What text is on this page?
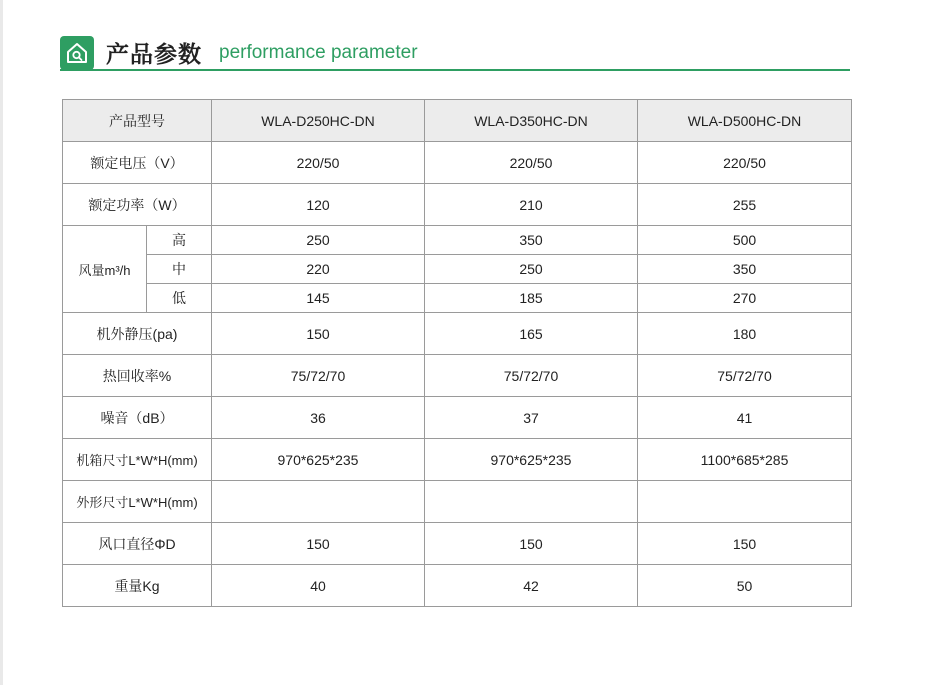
产品参数 performance parameter
产品型号		WLA-D250HC-DN	WLA-D350HC-DN	WLA-D500HC-DN
额定电压（V）		220/50	220/50	220/50
额定功率（W）		120	210	255
风量m³/h	高	250	350	500
	中	220	250	350
	低	145	185	270
机外静压(pa)		150	165	180
热回收率%		75/72/70	75/72/70	75/72/70
噪音（dB）		36	37	41
机箱尺寸L*W*H(mm)		970*625*235	970*625*235	1100*685*285
外形尺寸L*W*H(mm)				
风口直径ΦD		150	150	150
重量Kg		40	42	50
